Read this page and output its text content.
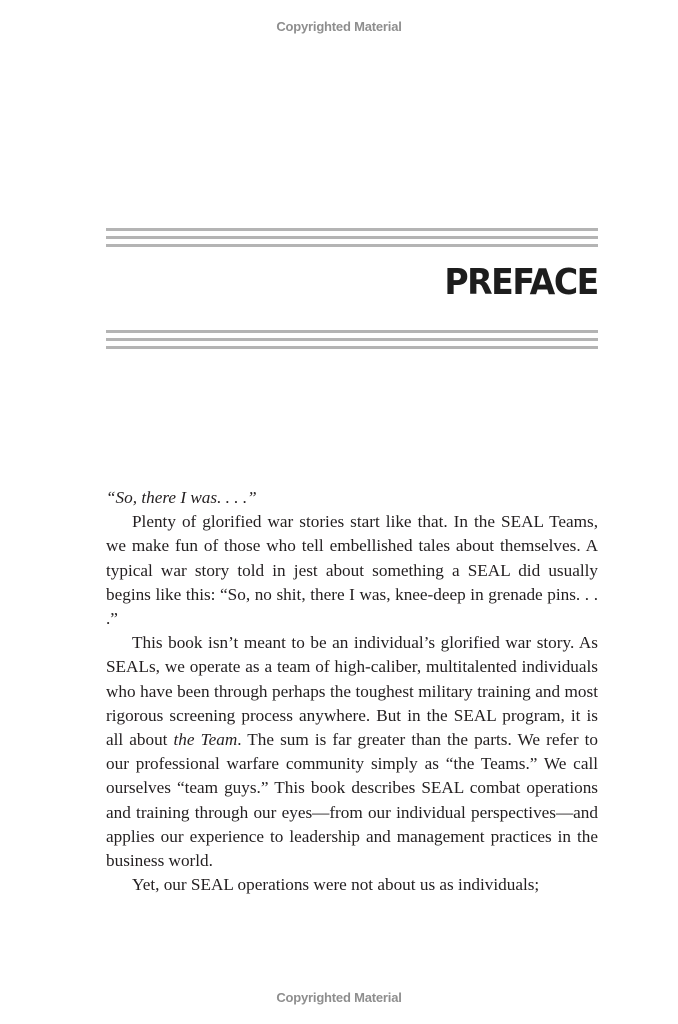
Copyrighted Material
PREFACE

“So, there I was. . . .”

Plenty of glorified war stories start like that. In the SEAL Teams, we make fun of those who tell embellished tales about themselves. A typical war story told in jest about something a SEAL did usually begins like this: “So, no shit, there I was, knee-deep in grenade pins. . . .”

This book isn’t meant to be an individual’s glorified war story. As SEALs, we operate as a team of high-caliber, multitalented individuals who have been through perhaps the toughest military training and most rigorous screening process anywhere. But in the SEAL program, it is all about the Team. The sum is far greater than the parts. We refer to our professional warfare community simply as “the Teams.” We call ourselves “team guys.” This book describes SEAL combat operations and training through our eyes—from our individual perspectives—and applies our experience to leadership and management practices in the business world.

Yet, our SEAL operations were not about us as individuals;

Copyrighted Material
